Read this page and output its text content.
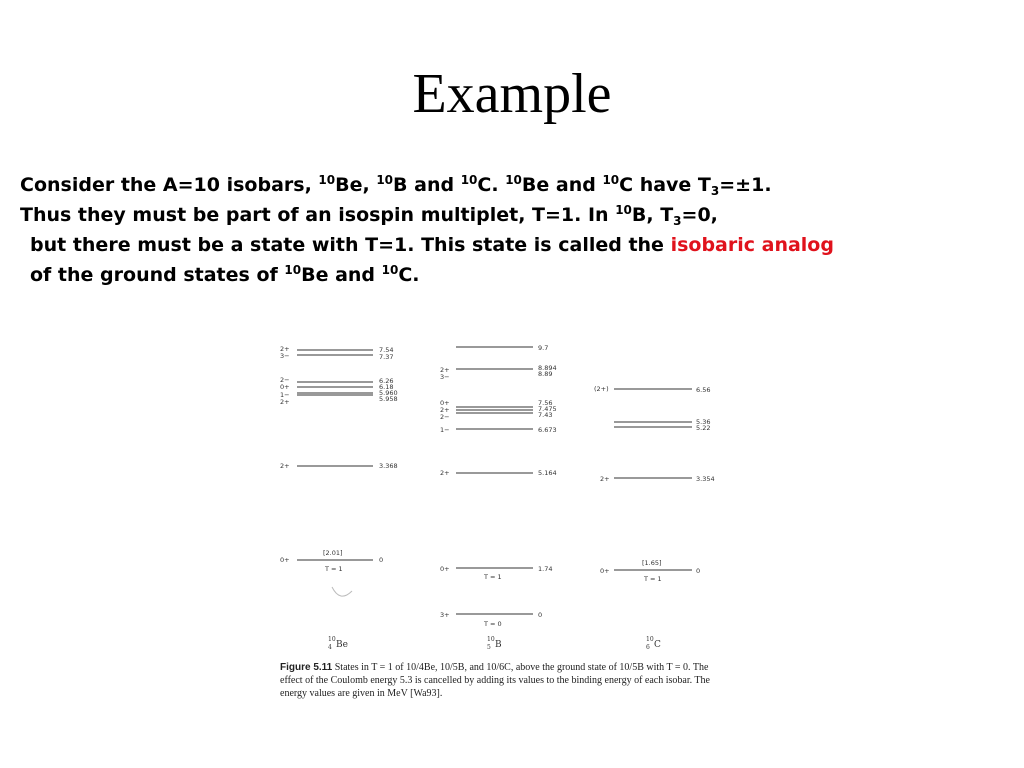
Example
Consider the A=10 isobars, $^{10}$Be, $^{10}$B and $^{10}$C. $^{10}$Be and $^{10}$C have $T_3=\pm 1$.
Thus they must be part of an isospin multiplet, T=1. In $^{10}$B, $T_3=0$,
but there must be a state with T=1. This state is called the isobaric analog
of the ground states of $^{10}$Be and $^{10}$C.
2+
3−
2−
0+
1−
2+
2+
0+
7.54
7.37
6.26
6.18
5.960
5.958
3.368
0
[2.01]
T = 1
2+
3−
0+
2+
2−
1−
2+
0+
3+
9.7
8.894
8.89
7.56
7.475
7.43
6.673
5.164
1.74
0
T = 1
T = 0
(2+)
2+
0+
6.56
5.36
5.22
3.354
0
[1.65]
T = 1
10
4 Be
10
5 B
10
6 C
Figure 5.11 States in T = 1 of 10/4Be, 10/5B, and 10/6C, above the ground state of 10/5B with T = 0. The effect of the Coulomb energy 5.3 is cancelled by adding its values to the binding energy of each isobar. The energy values are given in MeV [Wa93].
